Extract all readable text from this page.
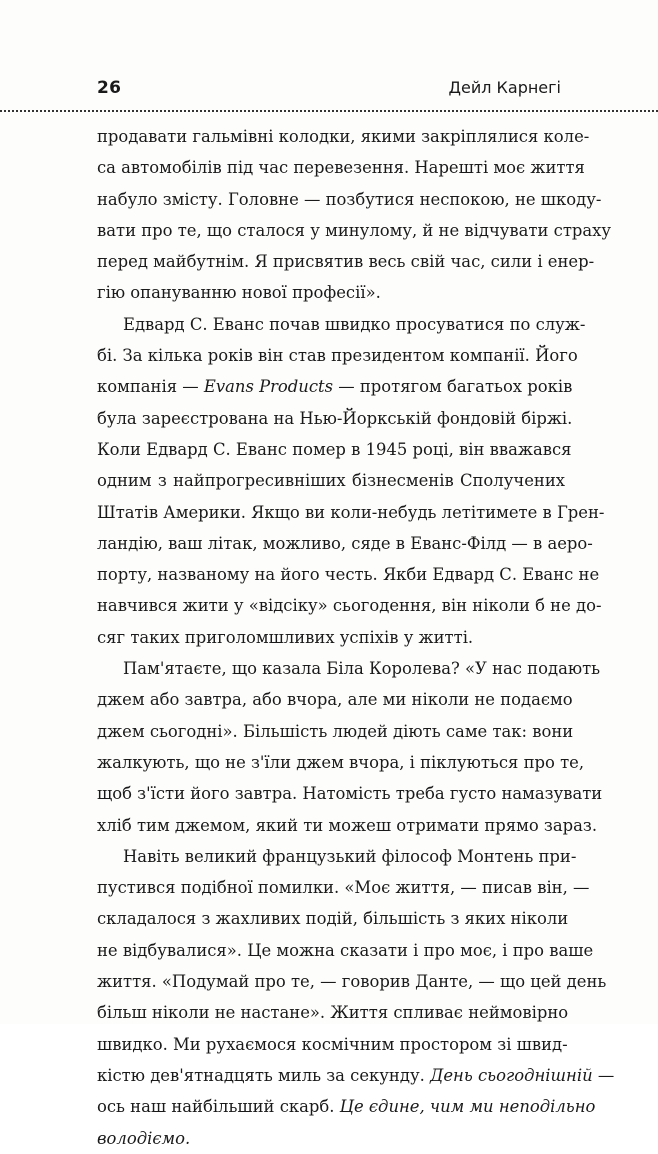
26	Дейл Карнегі
продавати гальмівні колодки, якими закріплялися коле-
са автомобілів під час перевезення. Нарешті моє життя
набуло змісту. Головне — позбутися неспокою, не шкоду-
вати про те, що сталося у минулому, й не відчувати страху
перед майбутнім. Я присвятив весь свій час, сили і енер-
гію опануванню нової професії».
Едвард С. Еванс почав швидко просуватися по служ-
бі. За кілька років він став президентом компанії. Його
компанія — Evans Products — протягом багатьох років
була зареєстрована на Нью-Йоркській фондовій біржі.
Коли Едвард С. Еванс помер в 1945 році, він вважався
одним з найпрогресивніших бізнесменів Сполучених
Штатів Америки. Якщо ви коли-небудь летітимете в Грен-
ландію, ваш літак, можливо, сяде в Еванс-Філд — в аеро-
порту, названому на його честь. Якби Едвард С. Еванс не
навчився жити у «відсіку» сьогодення, він ніколи б не до-
сяг таких приголомшливих успіхів у житті.
Пам'ятаєте, що казала Біла Королева? «У нас подають
джем або завтра, або вчора, але ми ніколи не подаємо
джем сьогодні». Більшість людей діють саме так: вони
жалкують, що не з'їли джем вчора, і піклуються про те,
щоб з'їсти його завтра. Натомість треба густо намазувати
хліб тим джемом, який ти можеш отримати прямо зараз.
Навіть великий французький філософ Монтень при-
пустився подібної помилки. «Моє життя, — писав він, —
складалося з жахливих подій, більшість з яких ніколи
не відбувалися». Це можна сказати і про моє, і про ваше
життя. «Подумай про те, — говорив Данте, — що цей день
більш ніколи не настане». Життя спливає неймовірно
швидко. Ми рухаємося космічним простором зі швид-
кістю дев'ятнадцять миль за секунду. День сьогоднішній —
ось наш найбільший скарб. Це єдине, чим ми неподільно
володіємо.
